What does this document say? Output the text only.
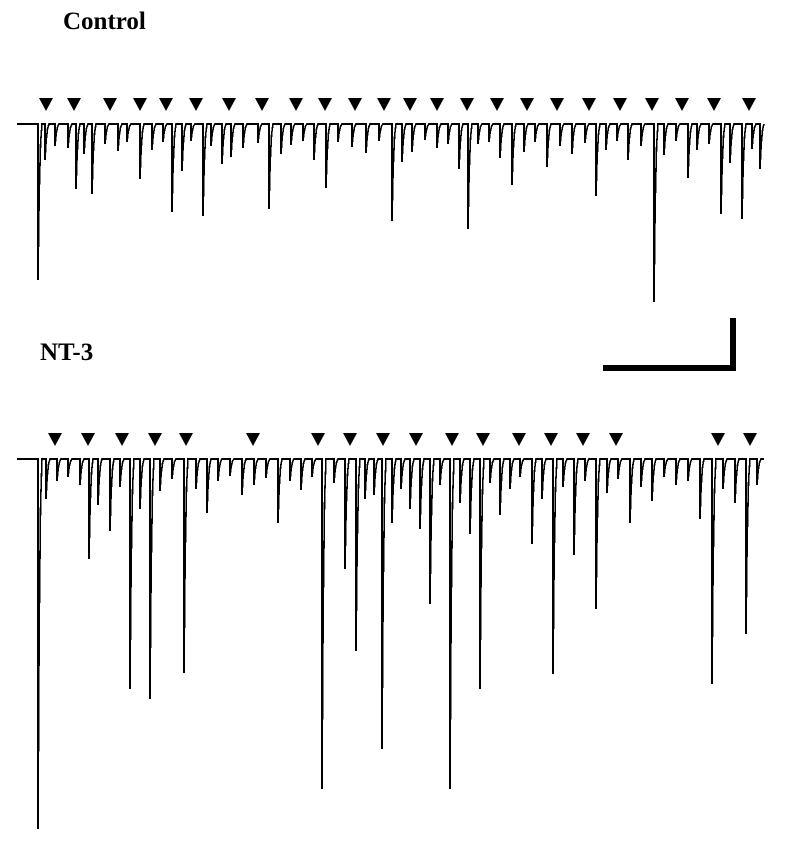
Control
NT-3
